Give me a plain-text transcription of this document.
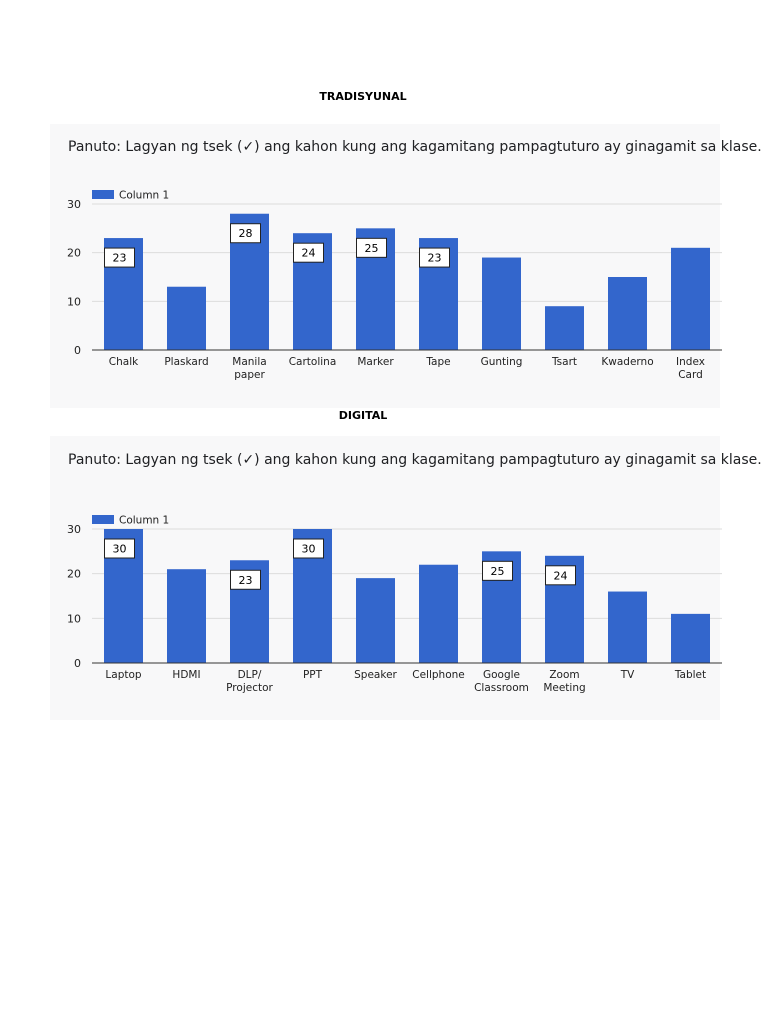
TRADISYUNAL
Panuto: Lagyan ng tsek (✓) ang kahon kung ang kagamitang pampagtuturo ay ginagamit sa klase.
0
10
20
30
Chalk Plaskard Manila paper
Cartolina Marker	Tape	Gunting	Tsart Kwaderno Index Card
23
28
24	25
23
Column 1
DIGITAL
Panuto: Lagyan ng tsek (✓) ang kahon kung ang kagamitang pampagtuturo ay ginagamit sa klase.
0
10
20
30
Laptop	HDMI	DLP/ Projector
PPT	Speaker Cellphone	Google Classroom
Zoom Meeting
TV	Tablet
30
23
30
25	24
Column 1
